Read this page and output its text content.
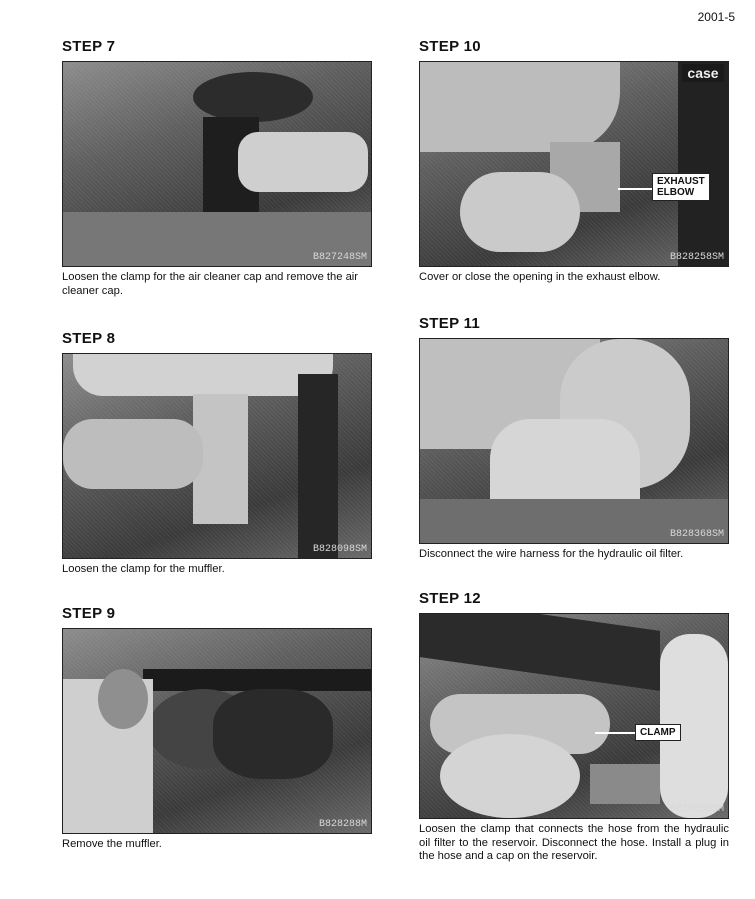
2001-5
STEP 7
B827248SM
Loosen the clamp for the air cleaner cap and remove the air cleaner cap.
STEP 8
B828098SM
Loosen the clamp for the muffler.
STEP 9
B828288M
Remove the muffler.
STEP 10
case
EXHAUST
ELBOW
B828258SM
Cover or close the opening in the exhaust elbow.
STEP 11
B828368SM
Disconnect the wire harness for the hydraulic oil filter.
STEP 12
CLAMP
B829058SM
Loosen the clamp that connects the hose from the hydraulic oil filter to the reservoir. Disconnect the hose. Install a plug in the hose and a cap on the reservoir.
